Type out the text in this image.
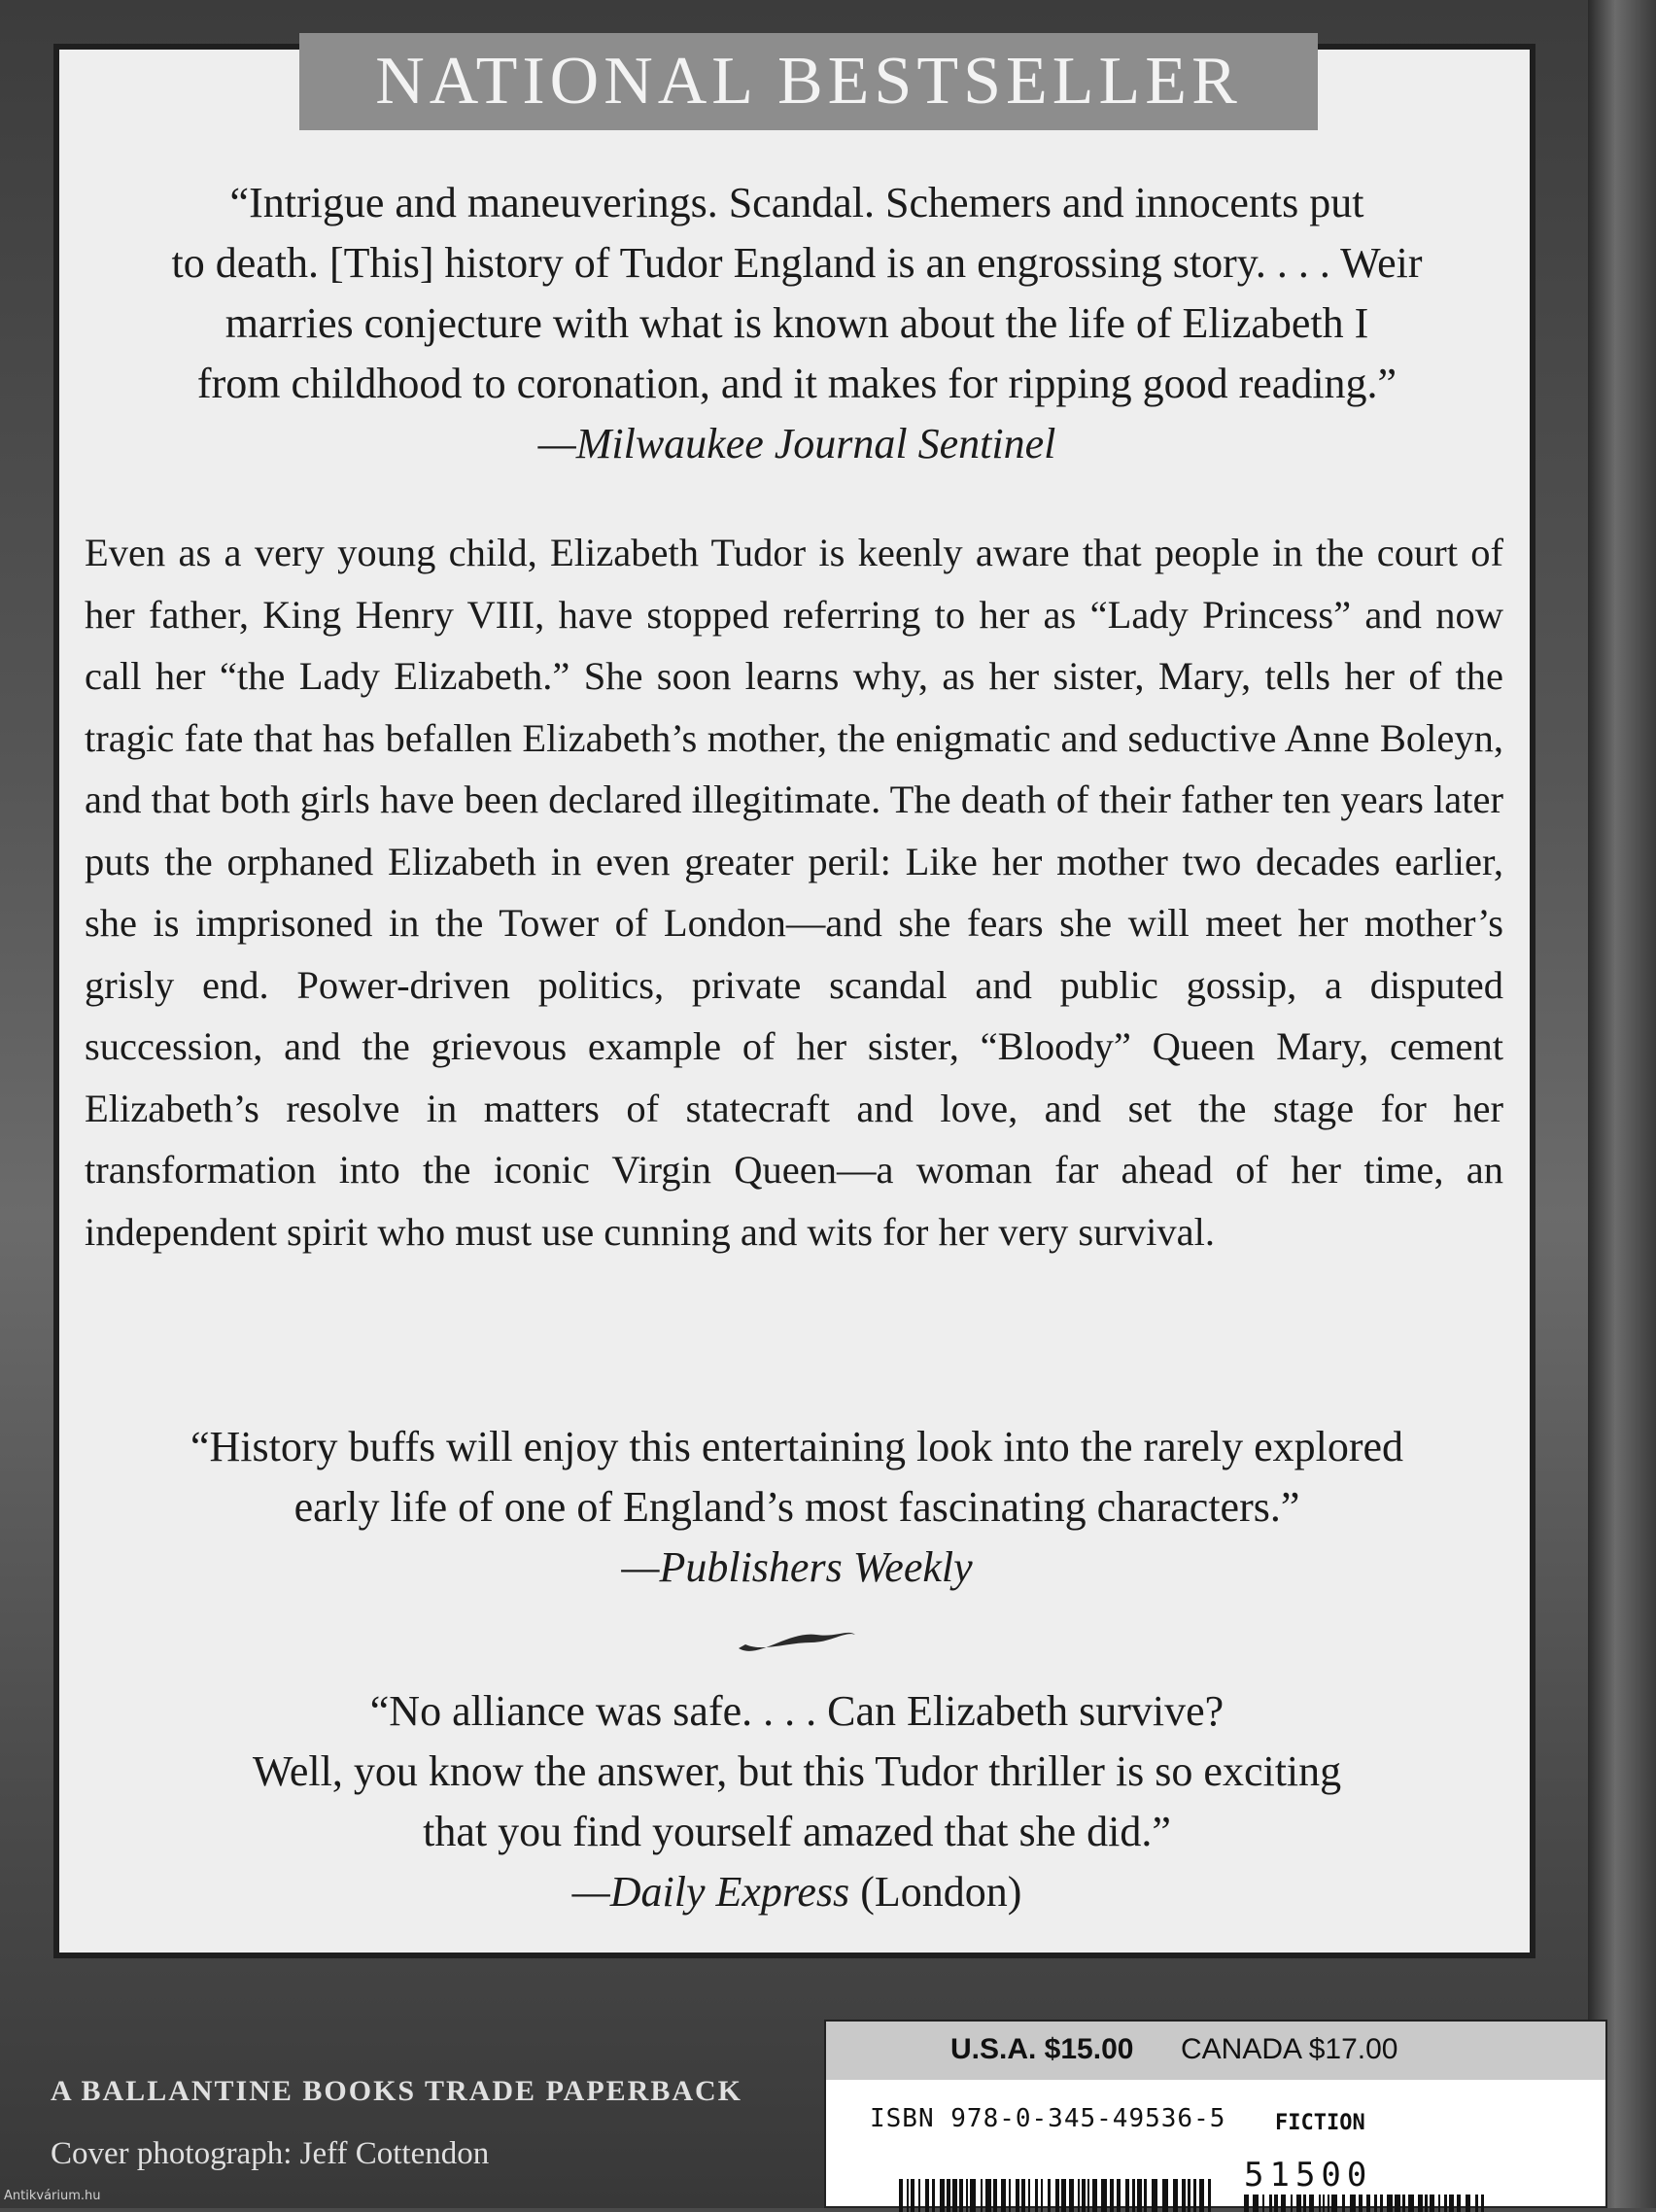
NATIONAL BESTSELLER

“Intrigue and maneuverings. Scandal. Schemers and innocents put

to death. [This] history of Tudor England is an engrossing story. . . . Weir

marries conjecture with what is known about the life of Elizabeth I

from childhood to coronation, and it makes for ripping good reading.”

—Milwaukee Journal Sentinel

Even as a very young child, Elizabeth Tudor is keenly aware that people in the court of her father, King Henry VIII, have stopped referring to her as “Lady Princess” and now call her “the Lady Elizabeth.” She soon learns why, as her sister, Mary, tells her of the tragic fate that has befallen Elizabeth’s mother, the enigmatic and seductive Anne Boleyn, and that both girls have been declared illegitimate. The death of their father ten years later puts the orphaned Elizabeth in even greater peril: Like her mother two decades earlier, she is imprisoned in the Tower of London—and she fears she will meet her mother’s grisly end. Power-driven politics, private scandal and public gossip, a disputed succession, and the grievous example of her sister, “Bloody” Queen Mary, cement Elizabeth’s resolve in matters of statecraft and love, and set the stage for her transformation into the iconic Virgin Queen—a woman far ahead of her time, an independent spirit who must use cunning and wits for her very survival.

“History buffs will enjoy this entertaining look into the rarely explored

early life of one of England’s most fascinating characters.”

—Publishers Weekly

“No alliance was safe. . . . Can Elizabeth survive?

Well, you know the answer, but this Tudor thriller is so exciting

that you find yourself amazed that she did.”

—Daily Express (London)

A BALLANTINE BOOKS TRADE PAPERBACK
Cover photograph: Jeff Cottendon
Antikvárium.hu
U.S.A. $15.00 CANADA $17.00
ISBN 978-0-345-49536-5 FICTION
51500
